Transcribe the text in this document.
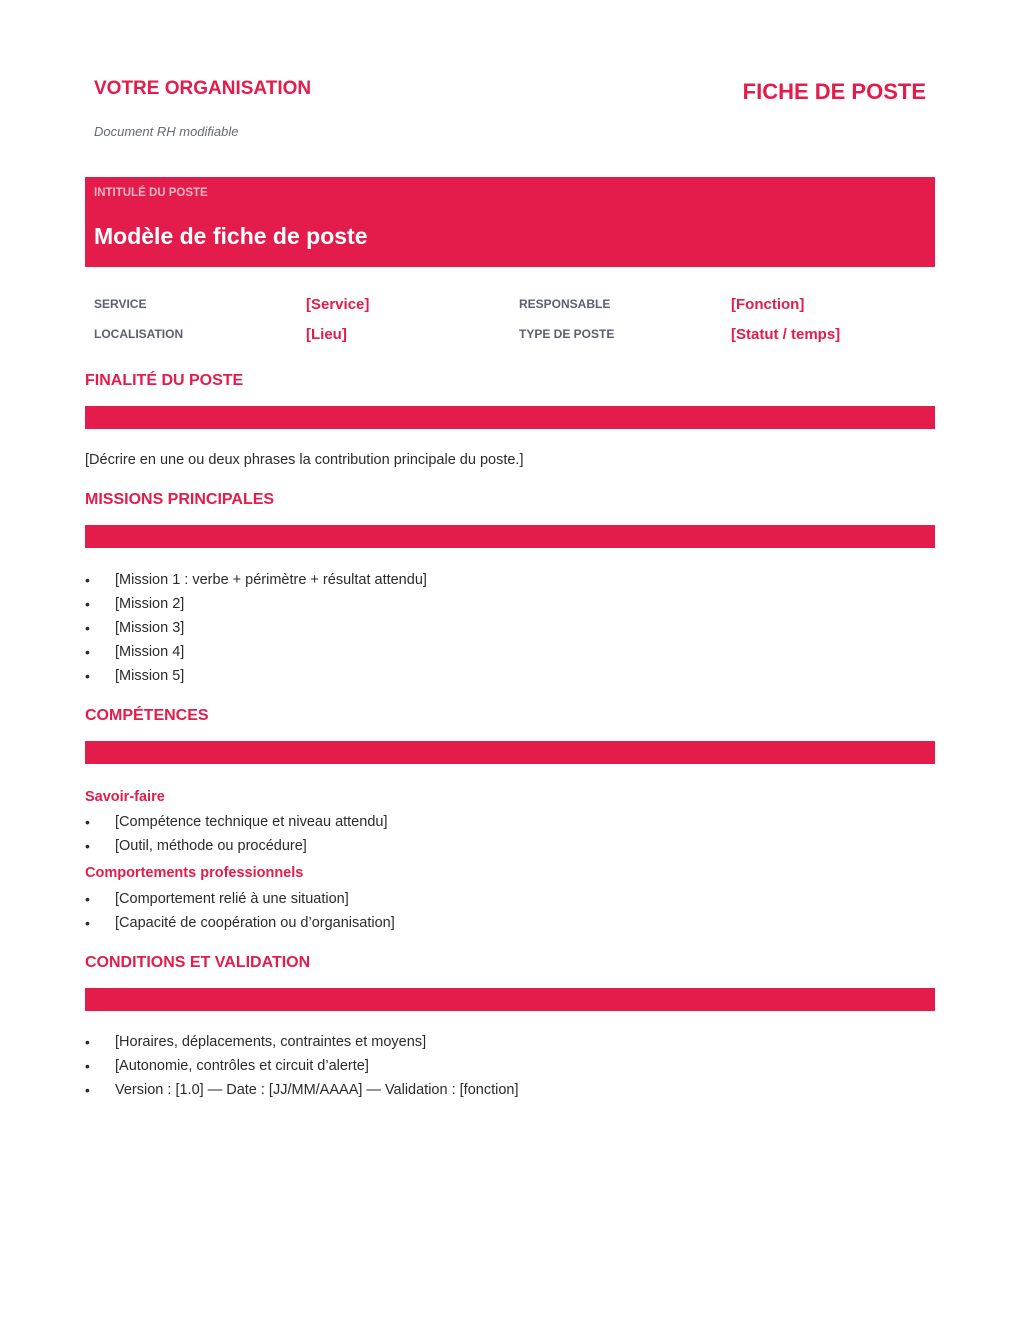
VOTRE ORGANISATION
Document RH modifiable
FICHE DE POSTE
INTITULÉ DU POSTE
Modèle de fiche de poste
SERVICE	[Service]	RESPONSABLE	[Fonction]
LOCALISATION	[Lieu]	TYPE DE POSTE	[Statut / temps]
FINALITÉ DU POSTE
[Décrire en une ou deux phrases la contribution principale du poste.]
MISSIONS PRINCIPALES
•	[Mission 1 : verbe + périmètre + résultat attendu]
•	[Mission 2]
•	[Mission 3]
•	[Mission 4]
•	[Mission 5]
COMPÉTENCES
Savoir-faire
•	[Compétence technique et niveau attendu]
•	[Outil, méthode ou procédure]
Comportements professionnels
•	[Comportement relié à une situation]
•	[Capacité de coopération ou d’organisation]
CONDITIONS ET VALIDATION
•	[Horaires, déplacements, contraintes et moyens]
•	[Autonomie, contrôles et circuit d’alerte]
•	Version : [1.0] — Date : [JJ/MM/AAAA] — Validation : [fonction]
